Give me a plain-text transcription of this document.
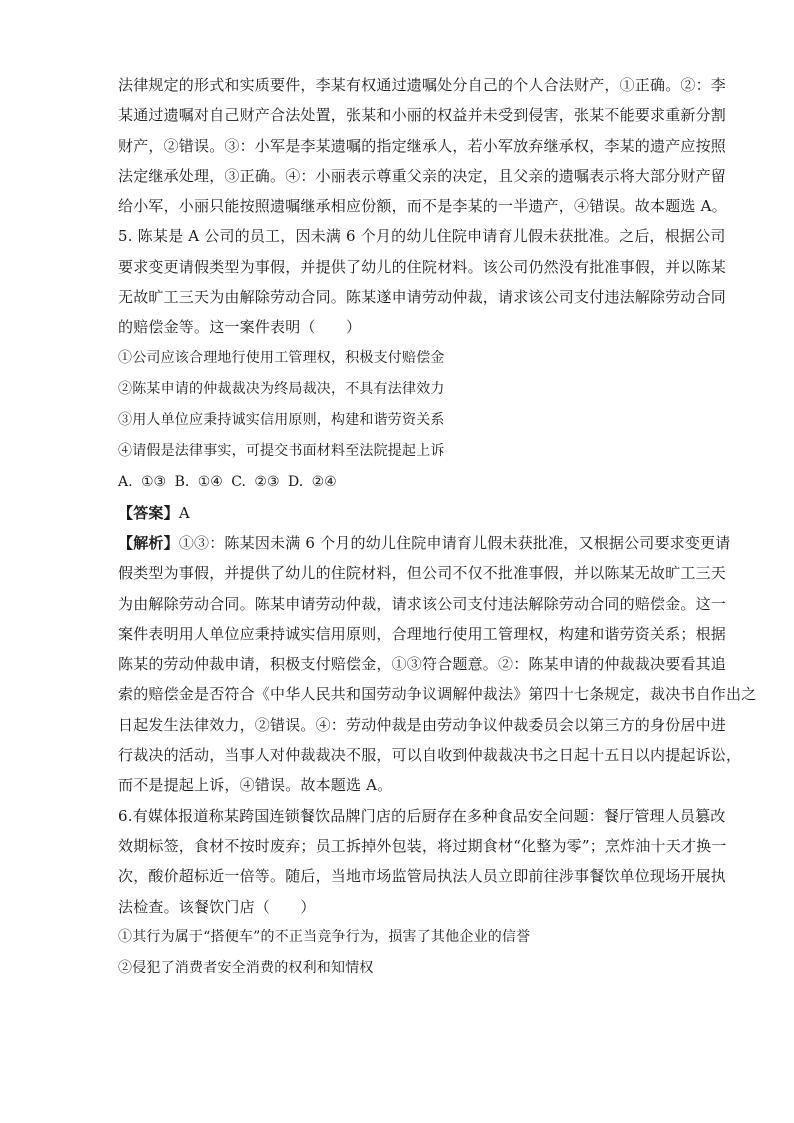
法律规定的形式和实质要件，李某有权通过遗嘱处分自己的个人合法财产，①正确。②：李
某通过遗嘱对自己财产合法处置，张某和小丽的权益并未受到侵害，张某不能要求重新分割
财产，②错误。③：小军是李某遗嘱的指定继承人，若小军放弃继承权，李某的遗产应按照
法定继承处理，③正确。④：小丽表示尊重父亲的决定，且父亲的遗嘱表示将大部分财产留
给小军，小丽只能按照遗嘱继承相应份额，而不是李某的一半遗产，④错误。故本题选 A。
5. 陈某是 A 公司的员工，因未满 6 个月的幼儿住院申请育儿假未获批准。之后，根据公司
要求变更请假类型为事假，并提供了幼儿的住院材料。该公司仍然没有批准事假，并以陈某
无故旷工三天为由解除劳动合同。陈某遂申请劳动仲裁，请求该公司支付违法解除劳动合同
的赔偿金等。这一案件表明（　　）
①公司应该合理地行使用工管理权，积极支付赔偿金
②陈某申请的仲裁裁决为终局裁决，不具有法律效力
③用人单位应秉持诚实信用原则，构建和谐劳资关系
④请假是法律事实，可提交书面材料至法院提起上诉
A. ①③ B. ①④ C. ②③ D. ②④
【答案】A
【解析】①③：陈某因未满 6 个月的幼儿住院申请育儿假未获批准，又根据公司要求变更请
假类型为事假，并提供了幼儿的住院材料，但公司不仅不批准事假，并以陈某无故旷工三天
为由解除劳动合同。陈某申请劳动仲裁，请求该公司支付违法解除劳动合同的赔偿金。这一
案件表明用人单位应秉持诚实信用原则，合理地行使用工管理权，构建和谐劳资关系；根据
陈某的劳动仲裁申请，积极支付赔偿金，①③符合题意。②：陈某申请的仲裁裁决要看其追
索的赔偿金是否符合《中华人民共和国劳动争议调解仲裁法》第四十七条规定，裁决书自作出之
日起发生法律效力，②错误。④：劳动仲裁是由劳动争议仲裁委员会以第三方的身份居中进
行裁决的活动，当事人对仲裁裁决不服，可以自收到仲裁裁决书之日起十五日以内提起诉讼，
而不是提起上诉，④错误。故本题选 A。
6.有媒体报道称某跨国连锁餐饮品牌门店的后厨存在多种食品安全问题：餐厅管理人员篡改
效期标签，食材不按时废弃；员工拆掉外包装，将过期食材“化整为零”；烹炸油十天才换一
次，酸价超标近一倍等。随后，当地市场监管局执法人员立即前往涉事餐饮单位现场开展执
法检查。该餐饮门店（　　）
①其行为属于“搭便车”的不正当竞争行为，损害了其他企业的信誉
②侵犯了消费者安全消费的权利和知情权
